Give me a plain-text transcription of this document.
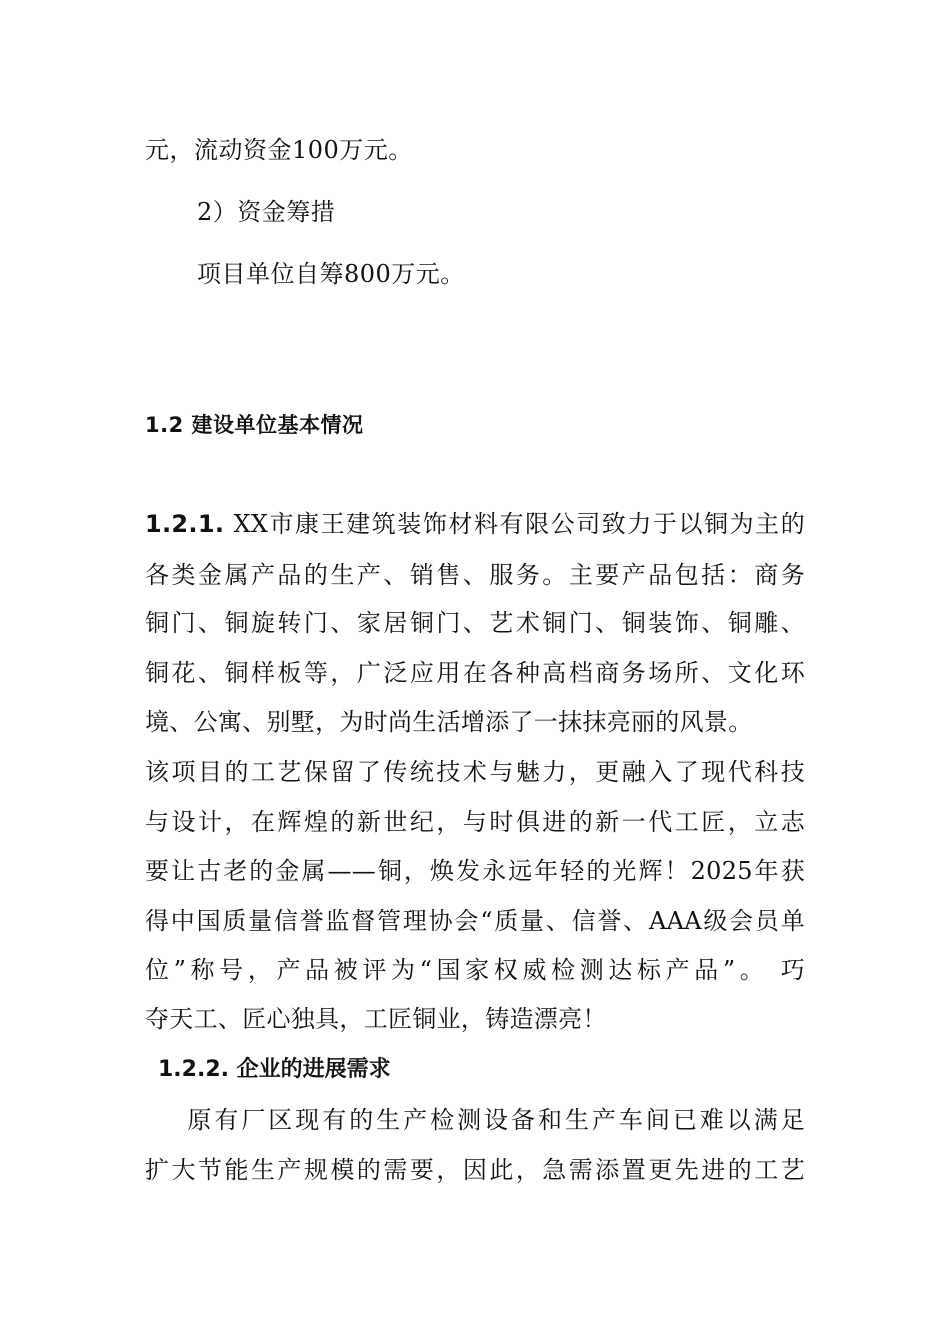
元，流动资金100万元。
2）资金筹措
项目单位自筹800万元。
1.2 建设单位基本情况
1.2.1. XX市康王建筑装饰材料有限公司致力于以铜为主的
各类金属产品的生产、销售、服务。主要产品包括：商务
铜门、铜旋转门、家居铜门、艺术铜门、铜装饰、铜雕、
铜花、铜样板等，广泛应用在各种高档商务场所、文化环
境、公寓、别墅，为时尚生活增添了一抹抹亮丽的风景。
该项目的工艺保留了传统技术与魅力，更融入了现代科技
与设计，在辉煌的新世纪，与时俱进的新一代工匠，立志
要让古老的金属——铜，焕发永远年轻的光辉！2025年获
得中国质量信誉监督管理协会“质量、信誉、AAA级会员单
位”称号，产品被评为“国家权威检测达标产品”。 巧
夺天工、匠心独具，工匠铜业，铸造漂亮！
1.2.2. 企业的进展需求
原有厂区现有的生产检测设备和生产车间已难以满足
扩大节能生产规模的需要，因此，急需添置更先进的工艺
